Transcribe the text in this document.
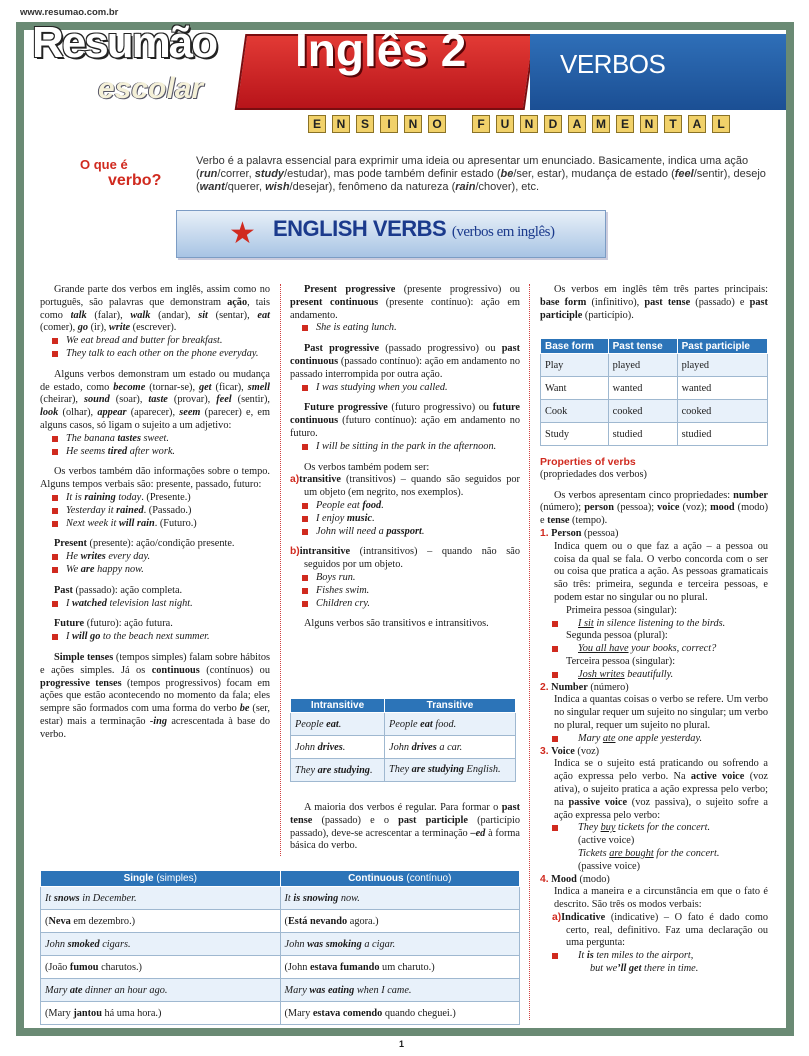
www.resumao.com.br
Resumão
escolar
Inglês 2	VERBOS
E	N	S	I	N	O	F	U	N	D	A	M	E	N	T	A	L
O que é
verbo?
Verbo é a palavra essencial para exprimir uma ideia ou apresentar um enunciado. Basicamente, indica uma ação (run/correr, study/estudar), mas pode também definir estado (be/ser, estar), mudança de estado (feel/sentir), desejo (want/querer, wish/desejar), fenômeno da natureza (rain/chover), etc.
★ ENGLISH VERBS (verbos em inglês)

Grande parte dos verbos em inglês, assim como no português, são palavras que demonstram ação, tais como talk (falar), walk (andar), sit (sentar), eat (comer), go (ir), write (escrever).

We eat bread and butter for breakfast.
They talk to each other on the phone everyday.

Alguns verbos demonstram um estado ou mudança de estado, como become (tornar-se), get (ficar), smell (cheirar), sound (soar), taste (provar), feel (sentir), look (olhar), appear (aparecer), seem (parecer) e, em alguns casos, só ligam o sujeito a um adjetivo:

The banana tastes sweet.
He seems tired after work.

Os verbos também dão informações sobre o tempo. Alguns tempos verbais são: presente, passado, futuro:

It is raining today. (Presente.)
Yesterday it rained. (Passado.)
Next week it will rain. (Futuro.)

Present (presente): ação/condição presente.

He writes every day.
We are happy now.

Past (passado): ação completa.

I watched television last night.

Future (futuro): ação futura.

I will go to the beach next summer.

Simple tenses (tempos simples) falam sobre hábitos e ações simples. Já os continuous (contínuos) ou progressive tenses (tempos progressivos) focam em ações que estão acontecendo no momento da fala; eles sempre são formados com uma forma do verbo be (ser, estar) mais a terminação -ing acrescentada à base do verbo.

Present progressive (presente progressivo) ou present continuous (presente contínuo): ação em andamento.

She is eating lunch.

Past progressive (passado progressivo) ou past continuous (passado contínuo): ação em andamento no passado interrompida por outra ação.

I was studying when you called.

Future progressive (futuro progressivo) ou future continuous (futuro contínuo): ação em andamento no futuro.

I will be sitting in the park in the afternoon.

Os verbos também podem ser:

a)transitive (transitivos) – quando são seguidos por um objeto (em negrito, nos exemplos).

People eat food.
I enjoy music.
John will need a passport.

b)intransitive (intransitivos) – quando não são seguidos por um objeto.

Boys run.
Fishes swim.
Children cry.

Alguns verbos são transitivos e intransitivos.

Intransitive	Transitive
People eat.	People eat food.
John drives.	John drives a car.
They are studying.	They are studying English.

A maioria dos verbos é regular. Para formar o past tense (passado) e o past participle (particípio passado), deve-se acrescentar a terminação –ed à forma básica do verbo.

Single (simples)	Continuous (contínuo)
It snows in December.	It is snowing now.
(Neva em dezembro.)	(Está nevando agora.)
John smoked cigars.	John was smoking a cigar.
(João fumou charutos.)	(John estava fumando um charuto.)
Mary ate dinner an hour ago.	Mary was eating when I came.
(Mary jantou há uma hora.)	(Mary estava comendo quando cheguei.)

Os verbos em inglês têm três partes principais: base form (infinitivo), past tense (passado) e past participle (particípio).

Base form	Past tense	Past participle
Play	played	played
Want	wanted	wanted
Cook	cooked	cooked
Study	studied	studied
Properties of verbs
(propriedades dos verbos)

Os verbos apresentam cinco propriedades: number (número); person (pessoa); voice (voz); mood (modo) e tense (tempo).

1. Person (pessoa)

Indica quem ou o que faz a ação – a pessoa ou coisa da qual se fala. O verbo concorda com o ser ou coisa que pratica a ação. As pessoas gramaticais são três: primeira, segunda e terceira pessoas, e podem estar no singular ou no plural.

Primeira pessoa (singular):
I sit in silence listening to the birds.
Segunda pessoa (plural):
You all have your books, correct?
Terceira pessoa (singular):
Josh writes beautifully.
2. Number (número)

Indica a quantas coisas o verbo se refere. Um verbo no singular requer um sujeito no singular; um verbo no plural, requer um sujeito no plural.

Mary ate one apple yesterday.
3. Voice (voz)

Indica se o sujeito está praticando ou sofrendo a ação expressa pelo verbo. Na active voice (voz ativa), o sujeito pratica a ação expressa pelo verbo; na passive voice (voz passiva), o sujeito sofre a ação expressa pelo verbo:

They buy tickets for the concert.
(active voice)
Tickets are bought for the concert.
(passive voice)
4. Mood (modo)

Indica a maneira e a circunstância em que o fato é descrito. São três os modos verbais:

a)Indicative (indicative) – O fato é dado como certo, real, definitivo. Faz uma declaração ou uma pergunta:

It is ten miles to the airport,
but we’ll get there in time.
1
